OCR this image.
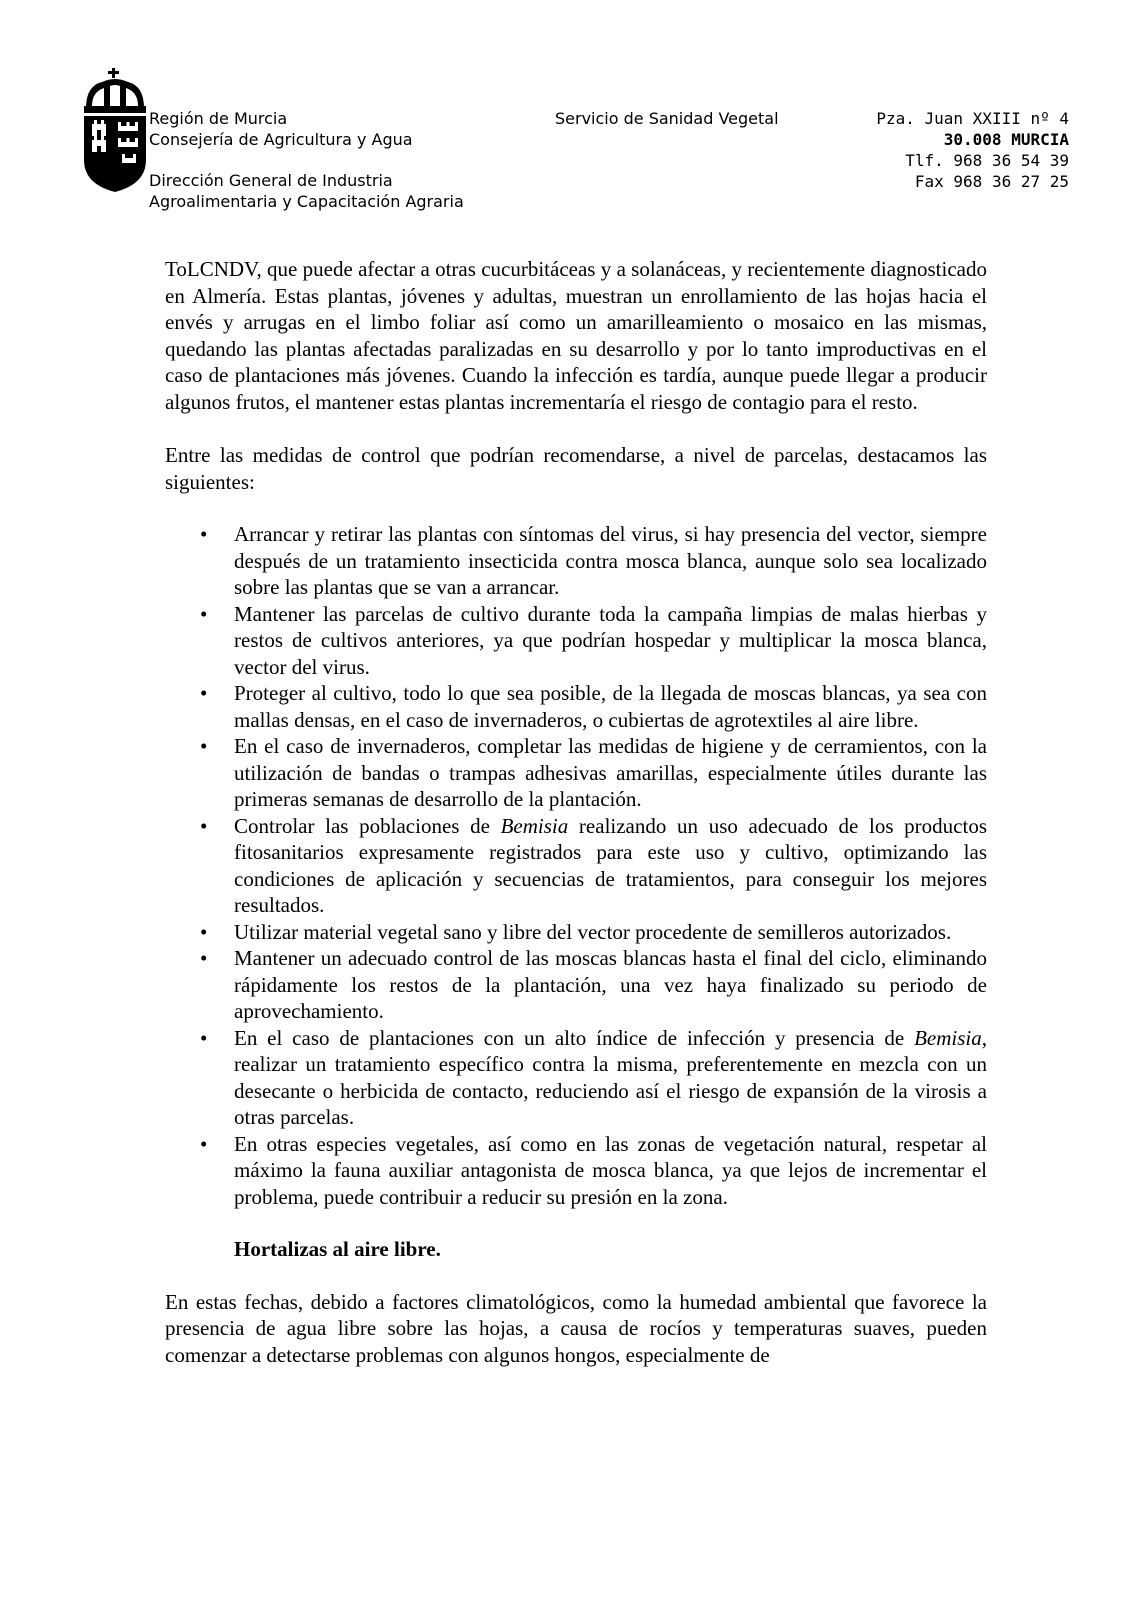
Región de Murcia
Consejería de Agricultura y Agua
Dirección General de Industria
Agroalimentaria y Capacitación Agraria
Servicio de Sanidad Vegetal	Pza. Juan XXIII nº 4
30.008 MURCIA
Tlf. 968 36 54 39
Fax 968 36 27 25

ToLCNDV, que puede afectar a otras cucurbitáceas y a solanáceas, y recientemente diagnosticado en Almería. Estas plantas, jóvenes y adultas, muestran un enrollamiento de las hojas hacia el envés y arrugas en el limbo foliar así como un amarilleamiento o mosaico en las mismas, quedando las plantas afectadas paralizadas en su desarrollo y por lo tanto improductivas en el caso de plantaciones más jóvenes. Cuando la infección es tardía, aunque puede llegar a producir algunos frutos, el mantener estas plantas incrementaría el riesgo de contagio para el resto.

Entre las medidas de control que podrían recomendarse, a nivel de parcelas, destacamos las siguientes:

• Arrancar y retirar las plantas con síntomas del virus, si hay presencia del vector, siempre después de un tratamiento insecticida contra mosca blanca, aunque solo sea localizado sobre las plantas que se van a arrancar.
• Mantener las parcelas de cultivo durante toda la campaña limpias de malas hierbas y restos de cultivos anteriores, ya que podrían hospedar y multiplicar la mosca blanca, vector del virus.
• Proteger al cultivo, todo lo que sea posible, de la llegada de moscas blancas, ya sea con mallas densas, en el caso de invernaderos, o cubiertas de agrotextiles al aire libre.
• En el caso de invernaderos, completar las medidas de higiene y de cerramientos, con la utilización de bandas o trampas adhesivas amarillas, especialmente útiles durante las primeras semanas de desarrollo de la plantación.
• Controlar las poblaciones de Bemisia realizando un uso adecuado de los productos fitosanitarios expresamente registrados para este uso y cultivo, optimizando las condiciones de aplicación y secuencias de tratamientos, para conseguir los mejores resultados.
• Utilizar material vegetal sano y libre del vector procedente de semilleros autorizados.
• Mantener un adecuado control de las moscas blancas hasta el final del ciclo, eliminando rápidamente los restos de la plantación, una vez haya finalizado su periodo de aprovechamiento.
• En el caso de plantaciones con un alto índice de infección y presencia de Bemisia, realizar un tratamiento específico contra la misma, preferentemente en mezcla con un desecante o herbicida de contacto, reduciendo así el riesgo de expansión de la virosis a otras parcelas.
• En otras especies vegetales, así como en las zonas de vegetación natural, respetar al máximo la fauna auxiliar antagonista de mosca blanca, ya que lejos de incrementar el problema, puede contribuir a reducir su presión en la zona.

Hortalizas al aire libre.

En estas fechas, debido a factores climatológicos, como la humedad ambiental que favorece la presencia de agua libre sobre las hojas, a causa de rocíos y temperaturas suaves, pueden comenzar a detectarse problemas con algunos hongos, especialmente de
